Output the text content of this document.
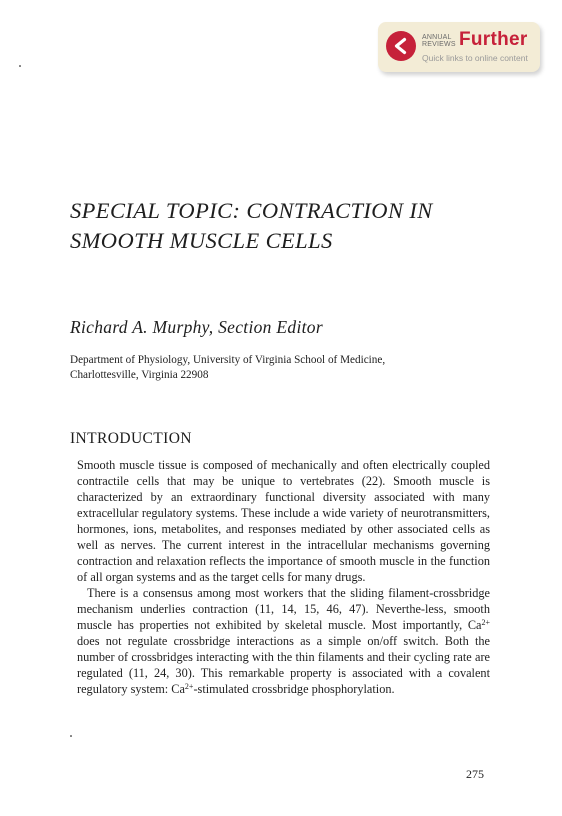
ANNUAL
REVIEWS Further
Quick links to online content
SPECIAL TOPIC: CONTRACTION IN
SMOOTH MUSCLE CELLS
Richard A. Murphy, Section Editor
Department of Physiology, University of Virginia School of Medicine,
Charlottesville, Virginia 22908
INTRODUCTION

Smooth muscle tissue is composed of mechanically and often electrically coupled contractile cells that may be unique to vertebrates (22). Smooth muscle is characterized by an extraordinary functional diversity associated with many extracellular regulatory systems. These include a wide variety of neurotransmitters, hormones, ions, metabolites, and responses mediated by other associated cells as well as nerves. The current interest in the intracellular mechanisms governing contraction and relaxation reflects the importance of smooth muscle in the function of all organ systems and as the target cells for many drugs.

There is a consensus among most workers that the sliding filament-crossbridge mechanism underlies contraction (11, 14, 15, 46, 47). Neverthe-less, smooth muscle has properties not exhibited by skeletal muscle. Most importantly, $Ca^{2+}$ does not regulate crossbridge interactions as a simple on/off switch. Both the number of crossbridges interacting with the thin filaments and their cycling rate are regulated (11, 24, 30). This remarkable property is associated with a covalent regulatory system: $Ca^{2+}$-stimulated crossbridge phosphorylation.

275
